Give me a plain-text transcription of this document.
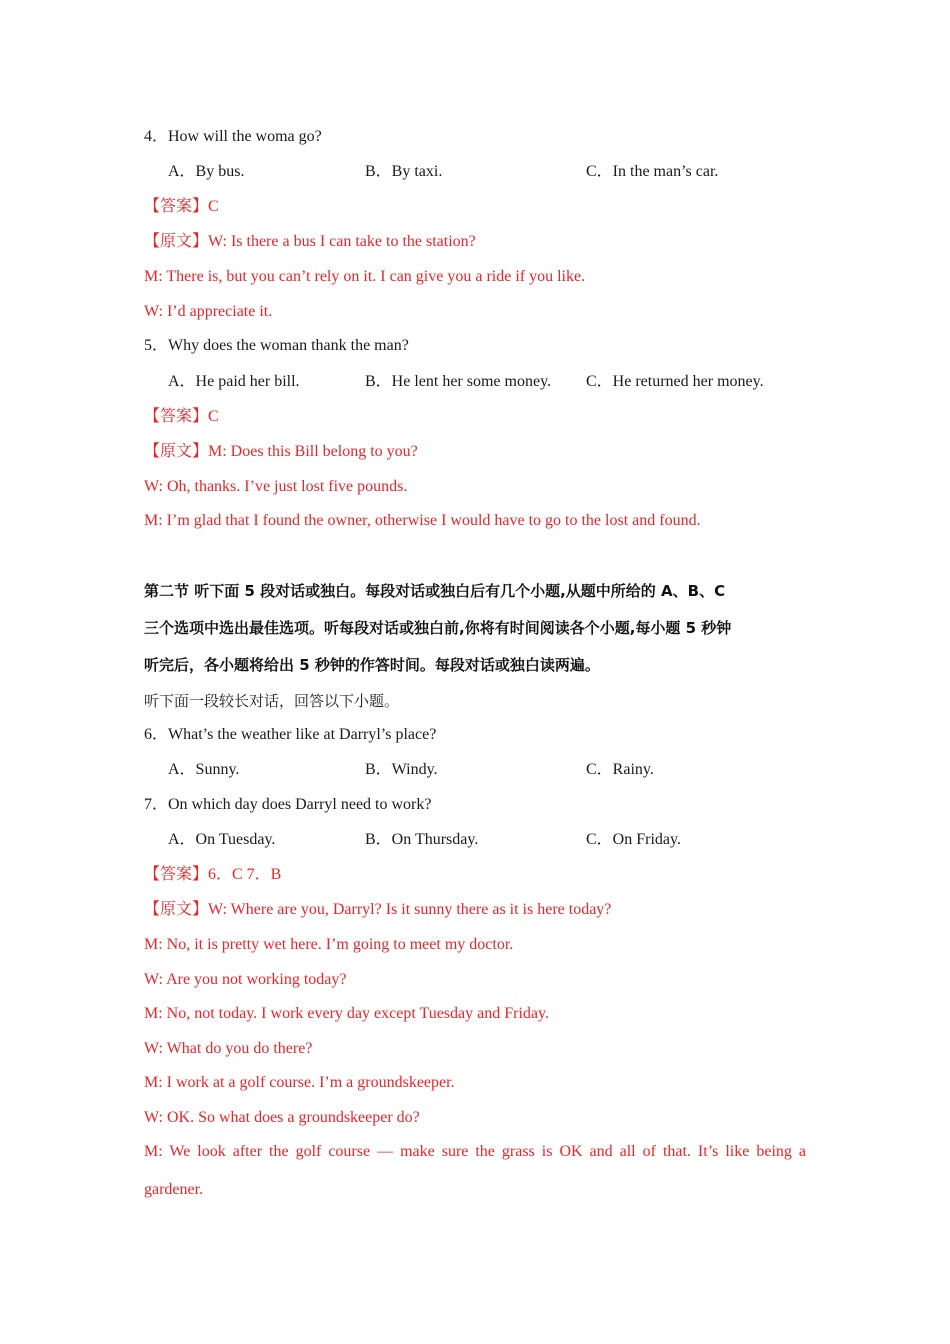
4．How will the woma go?
A．By bus.	B．By taxi.	C．In the man’s car.
【答案】C
【原文】W: Is there a bus I can take to the station?
M: There is, but you can’t rely on it. I can give you a ride if you like.
W: I’d appreciate it.
5．Why does the woman thank the man?
A．He paid her bill.	B．He lent her some money. C．He returned her money.
【答案】C
【原文】M: Does this Bill belong to you?
W: Oh, thanks. I’ve just lost five pounds.
M: I’m glad that I found the owner, otherwise I would have to go to the lost and found.
第二节 听下面 5 段对话或独白。每段对话或独白后有几个小题,从题中所给的 A、B、C
三个选项中选出最佳选项。听每段对话或独白前,你将有时间阅读各个小题,每小题 5 秒钟
听完后，各小题将给出 5 秒钟的作答时间。每段对话或独白读两遍。
听下面一段较长对话，回答以下小题。
6．What’s the weather like at Darryl’s place?
A．Sunny.	B．Windy.	C．Rainy.
7．On which day does Darryl need to work?
A．On Tuesday.	B．On Thursday.	C．On Friday.
【答案】6．C 7．B
【原文】W: Where are you, Darryl? Is it sunny there as it is here today?
M: No, it is pretty wet here. I’m going to meet my doctor.
W: Are you not working today?
M: No, not today. I work every day except Tuesday and Friday.
W: What do you do there?
M: I work at a golf course. I’m a groundskeeper.
W: OK. So what does a groundskeeper do?
M: We look after the golf course — make sure the grass is OK and all of that. It’s like being a
gardener.
